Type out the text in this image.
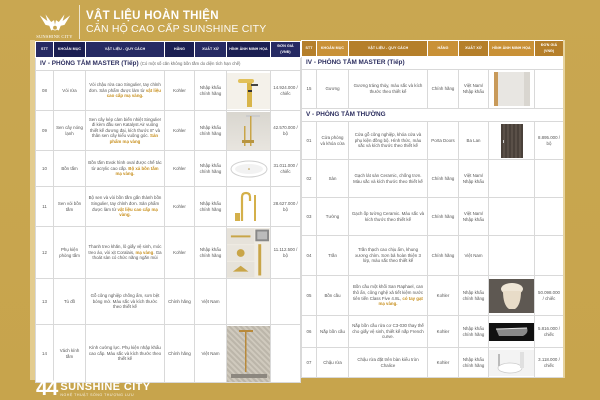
SUNSHINE CITY
VẬT LIỆU HOÀN THIỆN
CĂN HỘ CAO CẤP SUNSHINE CITY
STT	KHOẢN MỤC	VẬT LIỆU - QUY CÁCH	HÃNG	XUẤT XỨ	HÌNH ẢNH MINH HỌA	ĐƠN GIÁ (VNĐ)
IV - PHÒNG TẮM MASTER (Tiếp) (Có một số căn không bồn tắm do diện tích hạn chế)						
08	Vòi rửa	Vòi chậu rửa cao Singulier, tay chỉnh đơn. Sản phẩm được làm từ vật liệu cao cấp mạ vàng.	Kohler	Nhập khẩu chính hãng		14.924.000 / chiếc
09	Sen cây nóng lạnh	Sen cây kép cảm biến nhiệt Singulier đi kèm đầu sen Katalyst Air vuông thiết kế đương đại, kích thước 8" và thân sen cây kiểu vuông góc. Sản phẩm mạ vàng	Kohler	Nhập khẩu chính hãng		42.570.000 / bộ
10	Bồn tắm	Bồn tắm Evok hình oval được chế tác từ acrylic cao cấp. Bộ xả bồn tắm mạ vàng.	Kohler	Nhập khẩu chính hãng		31.011.000 / chiếc
11	Sen vòi bồn tắm	Bộ sen và vòi bồn tắm gắn thành bồn Singulier, tay chỉnh đơn. Sản phẩm được làm từ vật liệu cao cấp mạ vàng.	Kohler	Nhập khẩu chính hãng		28.627.000 / bộ
12	Phụ kiện phòng tắm	Thanh treo khăn, lô giấy vệ sinh, móc treo áo, vòi xịt Coralais, mạ vàng. Ga thoát sàn có chức năng ngăn mùi	Kohler	Nhập khẩu chính hãng		11.112.500 / bộ
13	Tủ đồ	Gỗ công nghiệp chống ẩm, sơn bệt bóng mờ. Màu sắc và kích thước theo thiết kế	Chính hãng	Việt Nam	

14	Vách kính tắm	Kính cường lực. Phụ kiện nhập khẩu cao cấp. Màu sắc và kích thước theo thiết kế	Chính hãng	Việt Nam	

STT	KHOẢN MỤC	VẬT LIỆU - QUY CÁCH	HÃNG	XUẤT XỨ	HÌNH ẢNH MINH HỌA	ĐƠN GIÁ (VNĐ)
IV - PHÒNG TẮM MASTER (Tiếp)						
15	Gương	Gương tráng thủy, màu sắc và kích thước theo thiết kế	Chính hãng	Việt Nam/ Nhập khẩu	

V - PHÒNG TẮM THƯỜNG						
01	Cửa phòng và khóa cửa	Cửa gỗ công nghiệp, khóa cửa và phụ kiện đồng bộ. Hình thức, màu sắc và kích thước theo thiết kế	Porta Doors	Ba Lan		8.895.000 / bộ
02	Sàn	Gạch lát sàn Ceramic, chống trơn. Màu sắc và kích thước theo thiết kế	Chính hãng	Việt Nam/ Nhập khẩu	

03	Tường	Gạch ốp tường Ceramic. Màu sắc và kích thước theo thiết kế	Chính hãng	Việt Nam/ Nhập khẩu	

04	Trần	Trần thạch cao chịu ẩm, khung xương chìm. Sơn bả hoàn thiện 3 lớp, màu sắc theo thiết kế	Chính hãng	Việt Nam	

05	Bồn cầu	Bồn cầu một khối San Raphael, can thô ẩn, công nghệ xả tiết kiệm nước tiên tiến Class Five 4.8L, có tay gạt mạ vàng.	Kohler	Nhập khẩu chính hãng		50.098.000 / chiếc
06	Nắp bồn cầu	Nắp bồn cầu rửa cơ C3-030 thay thế cho giấy vệ sinh, thiết kế nắp French curve.	Kohler	Nhập khẩu chính hãng		5.816.000 / chiếc
07	Chậu rửa	Chậu rửa đặt trên bàn kiểu tròn Chalice	Kohler	Nhập khẩu chính hãng		3.118.000 / chiếc
44 SUNSHINE CITY
NGHỆ THUẬT SỐNG THƯỢNG LƯU
